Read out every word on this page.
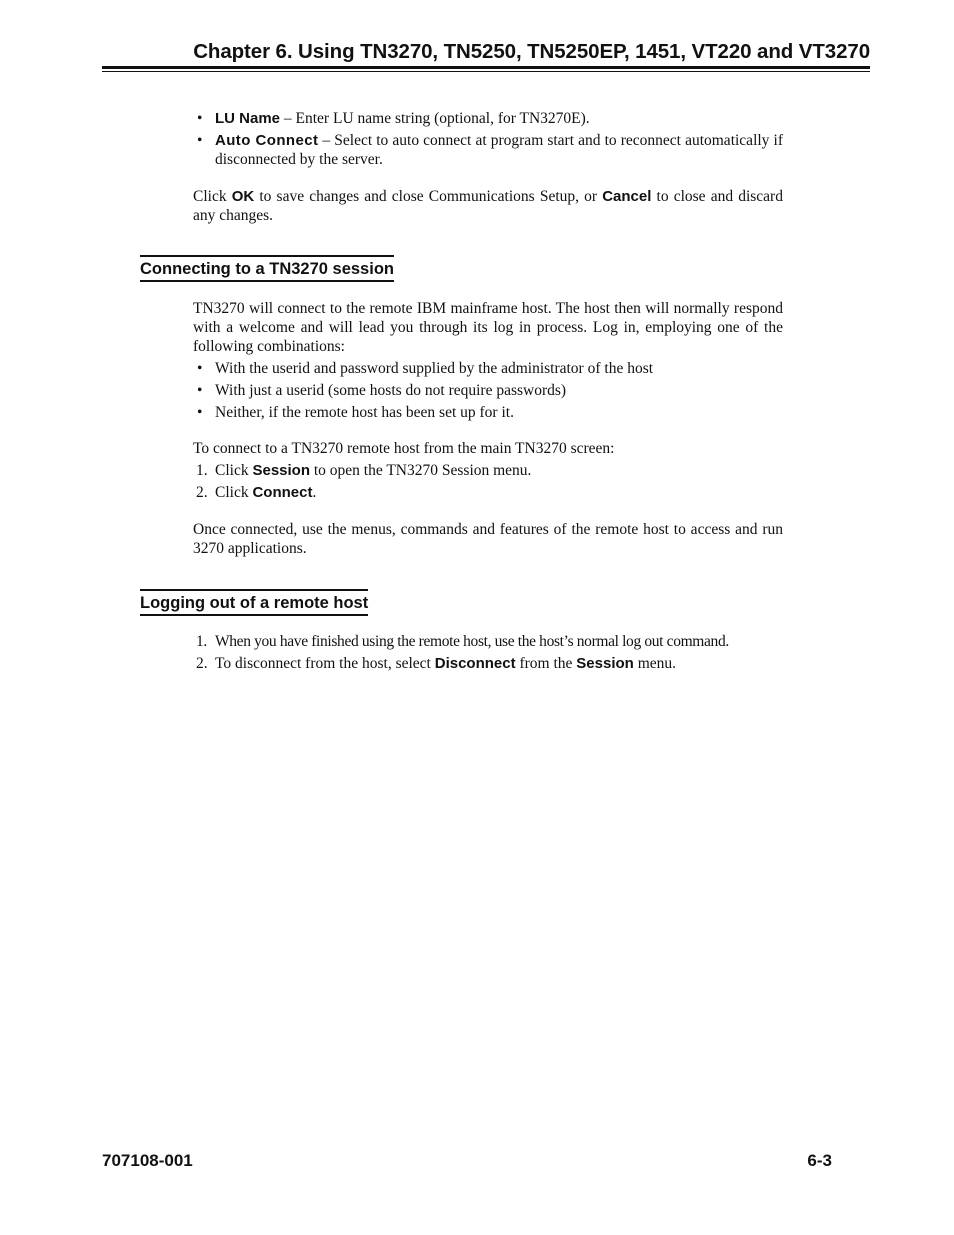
Chapter 6. Using TN3270, TN5250, TN5250EP, 1451, VT220 and VT3270
• LU Name – Enter LU name string (optional, for TN3270E).
• Auto Connect – Select to auto connect at program start and to reconnect automatically if disconnected by the server.

Click OK to save changes and close Communications Setup, or Cancel to close and discard any changes.

Connecting to a TN3270 session

TN3270 will connect to the remote IBM mainframe host. The host then will normally respond with a welcome and will lead you through its log in process. Log in, employing one of the following combinations:

• With the userid and password supplied by the administrator of the host
• With just a userid (some hosts do not require passwords)
• Neither, if the remote host has been set up for it.

To connect to a TN3270 remote host from the main TN3270 screen:

1. Click Session to open the TN3270 Session menu.
2. Click Connect.

Once connected, use the menus, commands and features of the remote host to access and run 3270 applications.

Logging out of a remote host
1. When you have finished using the remote host, use the host’s normal log out command.
2. To disconnect from the host, select Disconnect from the Session menu.
707108-001	6-3
